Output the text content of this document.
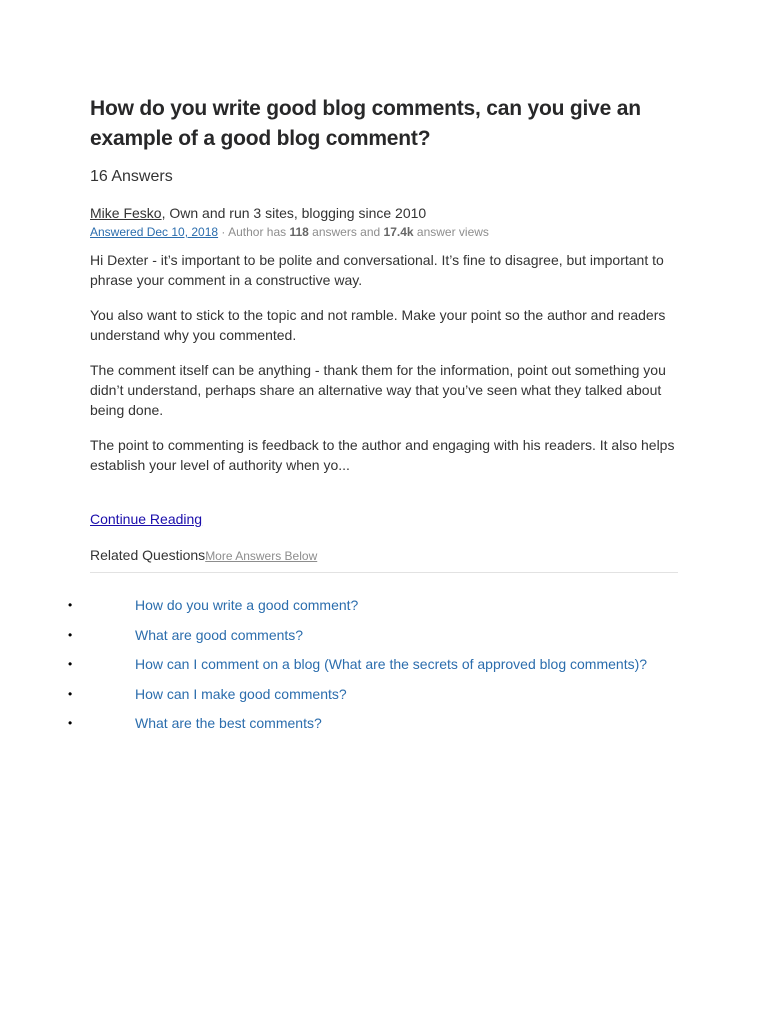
How do you write good blog comments, can you give an example of a good blog comment?
16 Answers
Mike Fesko, Own and run 3 sites, blogging since 2010
Answered Dec 10, 2018 · Author has 118 answers and 17.4k answer views

Hi Dexter - it’s important to be polite and conversational. It’s fine to disagree, but important to phrase your comment in a constructive way.

You also want to stick to the topic and not ramble. Make your point so the author and readers understand why you commented.

The comment itself can be anything - thank them for the information, point out something you didn’t understand, perhaps share an alternative way that you’ve seen what they talked about being done.

The point to commenting is feedback to the author and engaging with his readers. It also helps establish your level of authority when yo...

Continue Reading
Related QuestionsMore Answers Below
•	How do you write a good comment?
•	What are good comments?
•	How can I comment on a blog (What are the secrets of approved blog comments)?
•	How can I make good comments?
•	What are the best comments?
